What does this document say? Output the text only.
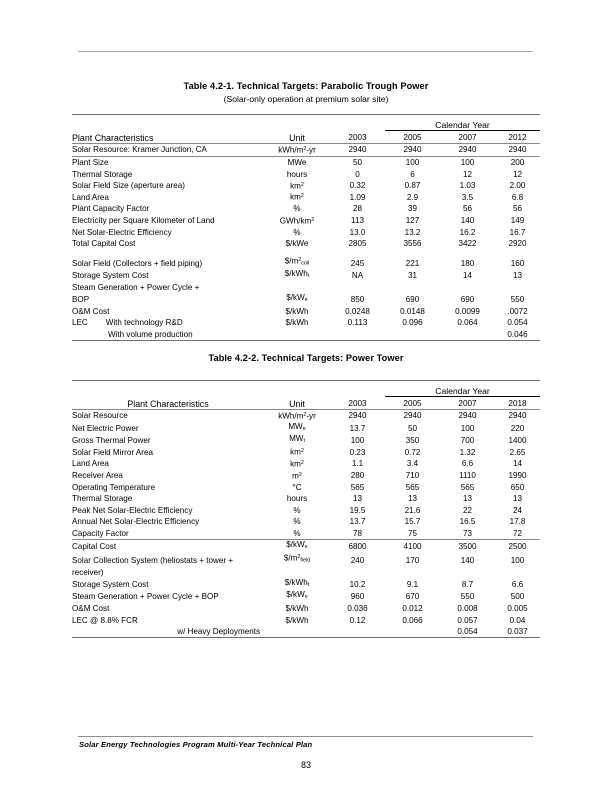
Table 4.2-1. Technical Targets: Parabolic Trough Power
(Solar-only operation at premium solar site)
Plant Characteristics	Unit		Calendar Year		
		2003	2005	2007	2012
Solar Resource: Kramer Junction, CA	kWh/$m^2-yr$	2940	2940	2940	2940
Plant Size	MWe	50	100	100	200
Thermal Storage	hours	0	6	12	12
Solar Field Size (aperture area)	$km^2$	0.32	0.87	1.03	2.00
Land Area	$km^2$	1.09	2.9	3.5	6.8
Plant Capacity Factor	%	28	39	56	56
Electricity per Square Kilometer of Land	GWh/$km^2$	113	127	140	149
Net Solar-Electric Efficiency	%	13.0	13.2	16.2	16.7
Total Capital Cost	$/kWe	2805	3556	3422	2920

Solar Field (Collectors + field piping)	$\$/m^2_{coll}$	245	221	180	160
Storage System Cost	$/kWh$_t$	NA	31	14	13
Steam Generation + Power Cycle +					
BOP	$\$/kW_e$	850	690	690	550
O&M Cost	$/kWh	0.0248	0.0148	0.0099	.0072
LEC With technology R&D	$/kWh	0.113	0.096	0.064	0.054
With volume production					0.046

Table 4.2-2. Technical Targets: Power Tower
Plant Characteristics	Unit		Calendar Year		
		2003	2005	2007	2018
Solar Resource	kWh/$m^2-yr$	2940	2940	2940	2940
Net Electric Power	$MW_e$	13.7	50	100	220
Gross Thermal Power	$MW_t$	100	350	700	1400
Solar Field Mirror Area	$km^2$	0.23	0.72	1.32	2.65
Land Area	$km^2$	1.1	3.4	6.6	14
Receiver Area	$m^2$	280	710	1110	1990
Operating Temperature	°C	565	565	565	650
Thermal Storage	hours	13	13	13	13
Peak Net Solar-Electric Efficiency	%	19.5	21.6	22	24
Annual Net Solar-Electric Efficiency	%	13.7	15.7	16.5	17.8
Capacity Factor	%	78	75	73	72
Capital Cost	$\$/kW_e$	6800	4100	3500	2500
Solar Collection System (heliostats + tower +	$\$/m^2_{field}$	240	170	140	100
receiver)					
Storage System Cost	$/kWh$_t$	10.2	9.1	8.7	6.6
Steam Generation + Power Cycle + BOP	$\$/kW_e$	960	670	550	500
O&M Cost	$/kWh	0.036	0.012	0.008	0.005
LEC @ 8.8% FCR	$/kWh	0.12	0.066	0.057	0.04
w/ Heavy Deployments				0.054	0.037

Solar Energy Technologies Program Multi-Year Technical Plan
83
